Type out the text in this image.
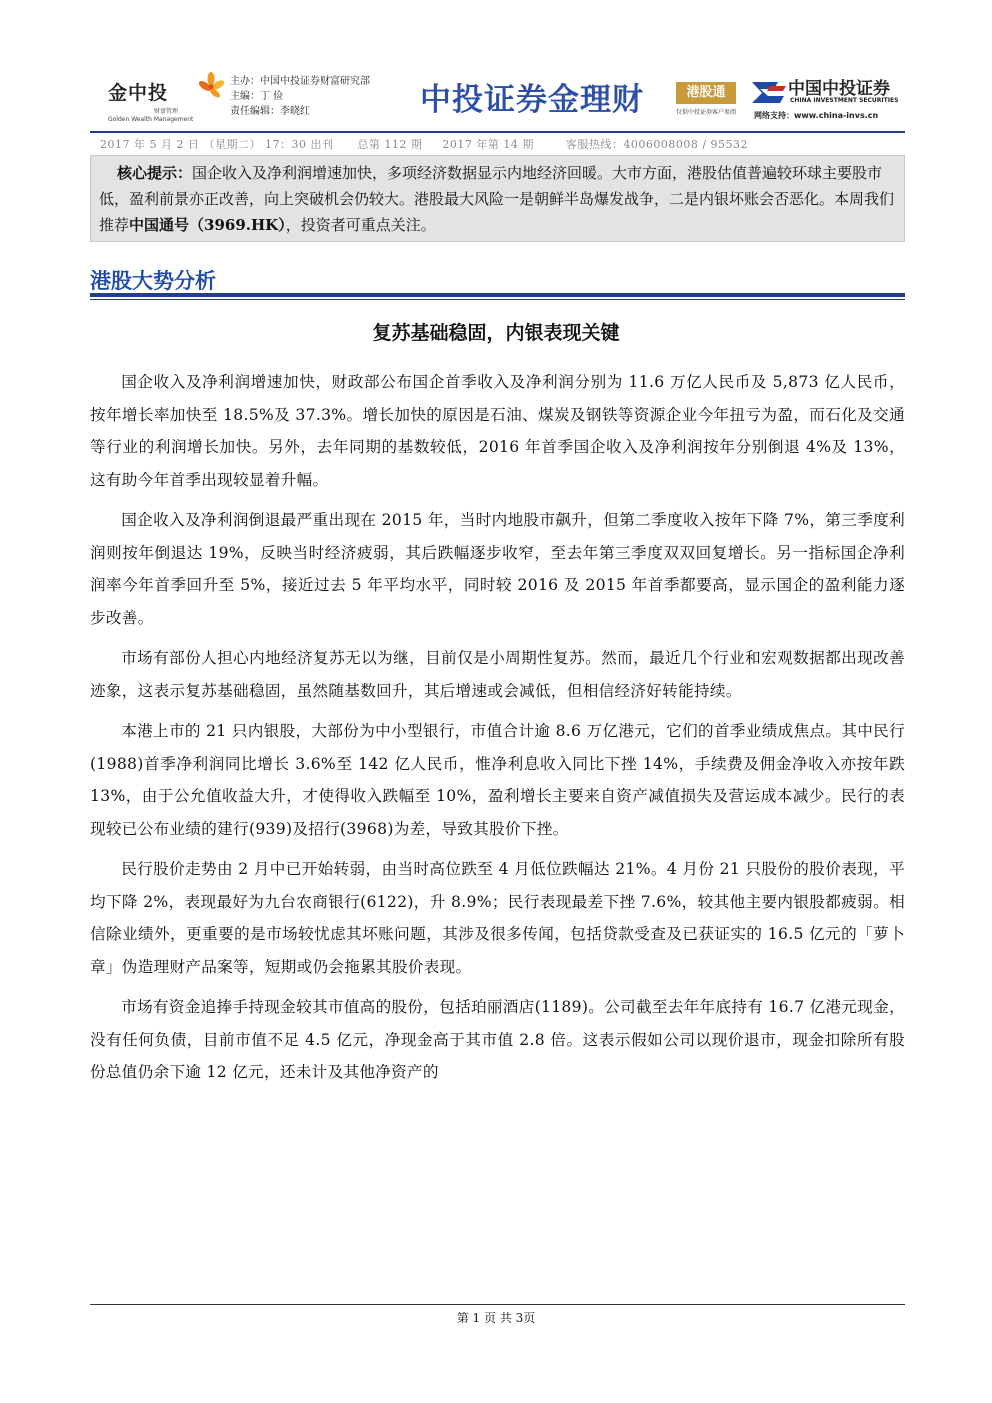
金中投
财富管理
Golden Wealth Management
主办：中国中投证券财富研究部
主编：丁 俭
责任编辑：李晓红	中投证券金理财	港股通
仅供中投证券客户参阅
中国中投证券
CHINA INVESTMENT SECURITIES
网络支持：www.china-invs.cn
2017 年 5 月 2 日 （星期二） 17：30 出刊      总第 112 期     2017 年第 14 期        客服热线：4006008008 / 95532
核心提示：国企收入及净利润增速加快，多项经济数据显示内地经济回暖。大市方面，港股估值普遍较环球主要股市低，盈利前景亦正改善，向上突破机会仍较大。港股最大风险一是朝鲜半岛爆发战争，二是内银坏账会否恶化。本周我们推荐中国通号（3969.HK），投资者可重点关注。
港股大势分析
复苏基础稳固，内银表现关键

国企收入及净利润增速加快，财政部公布国企首季收入及净利润分别为 11.6 万亿人民币及 5,873 亿人民币，按年增长率加快至 18.5%及 37.3%。增长加快的原因是石油、煤炭及钢铁等资源企业今年扭亏为盈，而石化及交通等行业的利润增长加快。另外，去年同期的基数较低，2016 年首季国企收入及净利润按年分别倒退 4%及 13%，这有助今年首季出现较显着升幅。

国企收入及净利润倒退最严重出现在 2015 年，当时内地股市飙升，但第二季度收入按年下降 7%，第三季度利润则按年倒退达 19%，反映当时经济疲弱，其后跌幅逐步收窄，至去年第三季度双双回复增长。另一指标国企净利润率今年首季回升至 5%，接近过去 5 年平均水平，同时较 2016 及 2015 年首季都要高，显示国企的盈利能力逐步改善。

市场有部份人担心内地经济复苏无以为继，目前仅是小周期性复苏。然而，最近几个行业和宏观数据都出现改善迹象，这表示复苏基础稳固，虽然随基数回升，其后增速或会减低，但相信经济好转能持续。

本港上市的 21 只内银股，大部份为中小型银行，市值合计逾 8.6 万亿港元，它们的首季业绩成焦点。其中民行(1988)首季净利润同比增长 3.6%至 142 亿人民币，惟净利息收入同比下挫 14%，手续费及佣金净收入亦按年跌 13%，由于公允值收益大升，才使得收入跌幅至 10%，盈利增长主要来自资产减值损失及营运成本减少。民行的表现较已公布业绩的建行(939)及招行(3968)为差，导致其股价下挫。

民行股价走势由 2 月中已开始转弱，由当时高位跌至 4 月低位跌幅达 21%。4 月份 21 只股份的股价表现，平均下降 2%，表现最好为九台农商银行(6122)，升 8.9%；民行表现最差下挫 7.6%，较其他主要内银股都疲弱。相信除业绩外，更重要的是市场较忧虑其坏账问题，其涉及很多传闻，包括贷款受查及已获证实的 16.5 亿元的「萝卜章」伪造理财产品案等，短期或仍会拖累其股价表现。

市场有资金追捧手持现金较其市值高的股份，包括珀丽酒店(1189)。公司截至去年年底持有 16.7 亿港元现金，没有任何负债，目前市值不足 4.5 亿元，净现金高于其市值 2.8 倍。这表示假如公司以现价退市，现金扣除所有股份总值仍余下逾 12 亿元，还未计及其他净资产的

第 1 页 共 3页
